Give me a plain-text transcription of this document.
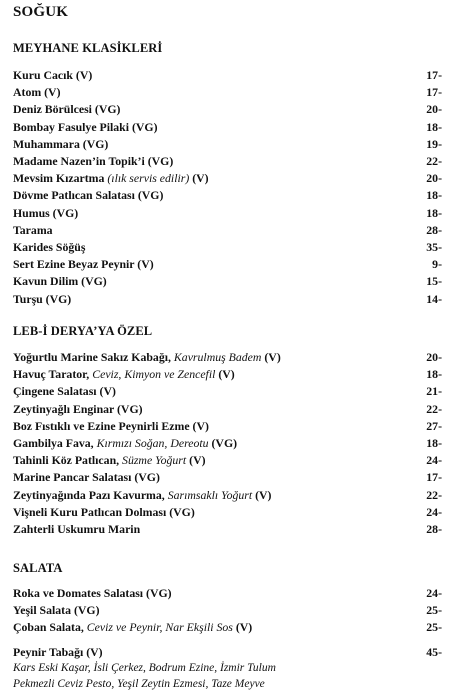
SOĞUK
MEYHANE KLASİKLERİ
Kuru Cacık (V)	17-
Atom (V)	17-
Deniz Börülcesi (VG)	20-
Bombay Fasulye Pilaki (VG)	18-
Muhammara (VG)	19-
Madame Nazen’in Topik’i (VG)	22-
Mevsim Kızartma (ılık servis edilir) (V)	20-
Dövme Patlıcan Salatası (VG)	18-
Humus (VG)	18-
Tarama	28-
Karides Söğüş	35-
Sert Ezine Beyaz Peynir (V)	9-
Kavun Dilim (VG)	15-
Turşu (VG)	14-
LEB-İ DERYA’YA ÖZEL
Yoğurtlu Marine Sakız Kabağı, Kavrulmuş Badem (V)	20-
Havuç Tarator, Ceviz, Kimyon ve Zencefil (V)	18-
Çingene Salatası (V)	21-
Zeytinyağlı Enginar (VG)	22-
Boz Fıstıklı ve Ezine Peynirli Ezme (V)	27-
Gambilya Fava, Kırmızı Soğan, Dereotu (VG)	18-
Tahinli Köz Patlıcan, Süzme Yoğurt (V)	24-
Marine Pancar Salatası (VG)	17-
Zeytinyağında Pazı Kavurma, Sarımsaklı Yoğurt (V)	22-
Vişneli Kuru Patlıcan Dolması (VG)	24-
Zahterli Uskumru Marin	28-
SALATA
Roka ve Domates Salatası (VG)	24-
Yeşil Salata (VG)	25-
Çoban Salata, Ceviz ve Peynir, Nar Ekşili Sos (V)	25-
Peynir Tabağı (V)	45-
Kars Eski Kaşar, İsli Çerkez, Bodrum Ezine, İzmir Tulum
Pekmezli Ceviz Pesto, Yeşil Zeytin Ezmesi, Taze Meyve
